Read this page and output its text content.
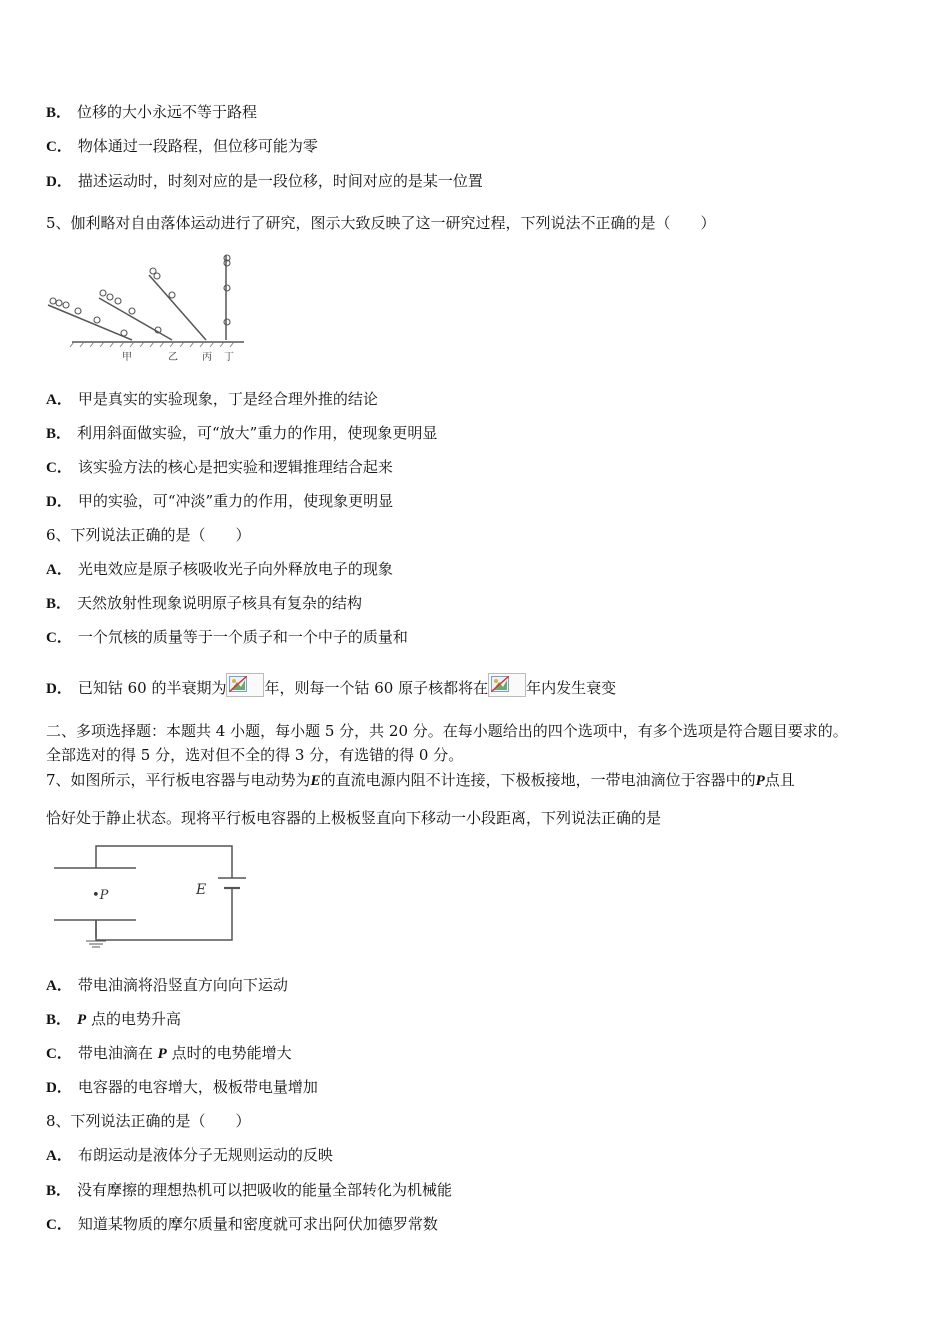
B． 位移的大小永远不等于路程
C． 物体通过一段路程，但位移可能为零
D． 描述运动时，时刻对应的是一段位移，时间对应的是某一位置
5、伽利略对自由落体运动进行了研究，图示大致反映了这一研究过程，下列说法不正确的是（　　）
甲	乙 丙 丁
A． 甲是真实的实验现象，丁是经合理外推的结论
B． 利用斜面做实验，可“放大”重力的作用，使现象更明显
C． 该实验方法的核心是把实验和逻辑推理结合起来
D． 甲的实验，可“冲淡”重力的作用，使现象更明显
6、下列说法正确的是（　　）
A． 光电效应是原子核吸收光子向外释放电子的现象
B． 天然放射性现象说明原子核具有复杂的结构
C． 一个氘核的质量等于一个质子和一个中子的质量和
D． 已知钴 60 的半衰期为	年，则每一个钴 60 原子核都将在	年内发生衰变
二、多项选择题：本题共 4 小题，每小题 5 分，共 20 分。在每小题给出的四个选项中，有多个选项是符合题目要求的。
全部选对的得 5 分，选对但不全的得 3 分，有选错的得 0 分。
7、如图所示，平行板电容器与电动势为E的直流电源内阻不计连接，下极板接地，一带电油滴位于容器中的P点且
恰好处于静止状态。现将平行板电容器的上极板竖直向下移动一小段距离，下列说法正确的是
•P	E
A． 带电油滴将沿竖直方向向下运动
B． P 点的电势升高
C． 带电油滴在 P 点时的电势能增大
D． 电容器的电容增大，极板带电量增加
8、下列说法正确的是（　　）
A． 布朗运动是液体分子无规则运动的反映
B． 没有摩擦的理想热机可以把吸收的能量全部转化为机械能
C． 知道某物质的摩尔质量和密度就可求出阿伏加德罗常数
